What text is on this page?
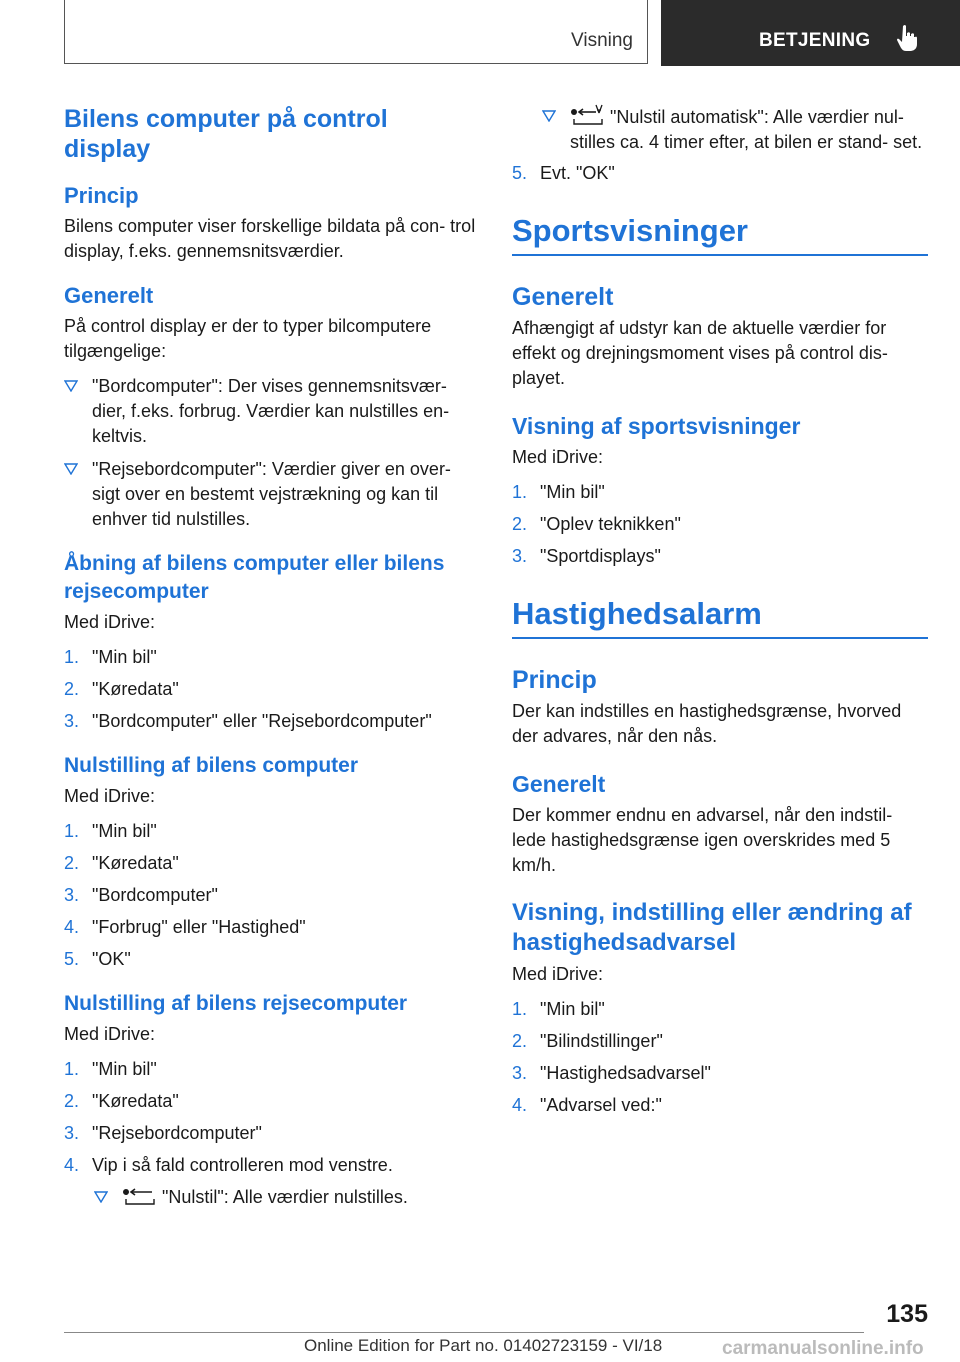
Visning	BETJENING
Bilens computer på control display
Princip

Bilens computer viser forskellige bildata på con- trol display, f.eks. gennemsnitsværdier.

Generelt

På control display er der to typer bilcomputere tilgængelige:

"Bordcomputer": Der vises gennemsnitsvær- dier, f.eks. forbrug. Værdier kan nulstilles en- keltvis.
"Rejsebordcomputer": Værdier giver en over- sigt over en bestemt vejstrækning og kan til enhver tid nulstilles.
Åbning af bilens computer eller bilens rejsecomputer

Med iDrive:

1. "Min bil"
2. "Køredata"
3. "Bordcomputer" eller "Rejsebordcomputer"
Nulstilling af bilens computer

Med iDrive:

1. "Min bil"
2. "Køredata"
3. "Bordcomputer"
4. "Forbrug" eller "Hastighed"
5. "OK"
Nulstilling af bilens rejsecomputer

Med iDrive:

1. "Min bil"
2. "Køredata"
3. "Rejsebordcomputer"
4. Vip i så fald controlleren mod venstre.
"Nulstil": Alle værdier nulstilles.
"Nulstil automatisk": Alle værdier nul- stilles ca. 4 timer efter, at bilen er stand- set.
5. Evt. "OK"
Sportsvisninger
Generelt

Afhængigt af udstyr kan de aktuelle værdier for effekt og drejningsmoment vises på control dis- playet.

Visning af sportsvisninger

Med iDrive:

1. "Min bil"
2. "Oplev teknikken"
3. "Sportdisplays"
Hastighedsalarm
Princip

Der kan indstilles en hastighedsgrænse, hvorved der advares, når den nås.

Generelt

Der kommer endnu en advarsel, når den indstil- lede hastighedsgrænse igen overskrides med 5 km/h.

Visning, indstilling eller ændring af hastighedsadvarsel

Med iDrive:

1. "Min bil"
2. "Bilindstillinger"
3. "Hastighedsadvarsel"
4. "Advarsel ved:"
135
Online Edition for Part no. 01402723159 - VI/18	carmanualsonline.info
